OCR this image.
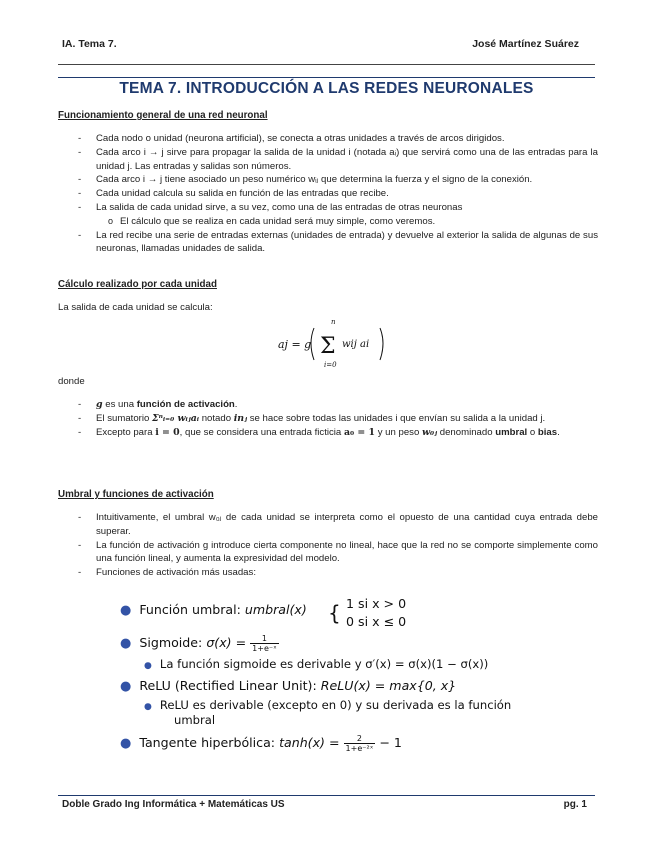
IA. Tema 7.	José Martínez Suárez
TEMA 7. INTRODUCCIÓN A LAS REDES NEURONALES
Funcionamiento general de una red neuronal
- Cada nodo o unidad (neurona artificial), se conecta a otras unidades a través de arcos dirigidos.
- Cada arco i → j sirve para propagar la salida de la unidad i (notada aᵢ) que servirá como una de las entradas para la unidad j. Las entradas y salidas son números.
- Cada arco i → j tiene asociado un peso numérico wᵢⱼ que determina la fuerza y el signo de la conexión.
- Cada unidad calcula su salida en función de las entradas que recibe.
- La salida de cada unidad sirve, a su vez, como una de las entradas de otras neuronas
o El cálculo que se realiza en cada unidad será muy simple, como veremos.
- La red recibe una serie de entradas externas (unidades de entrada) y devuelve al exterior la salida de algunas de sus neuronas, llamadas unidades de salida.
Cálculo realizado por cada unidad
La salida de cada unidad se calcula:
aj = g Σ
n
i=0
wij ai
donde
- g es una función de activación.
- El sumatorio Σⁿᵢ₌₀ wᵢⱼaᵢ notado inⱼ se hace sobre todas las unidades i que envían su salida a la unidad j.
- Excepto para i = 0, que se considera una entrada ficticia a₀ = 1 y un peso w₀ⱼ denominado umbral o bias.
Umbral y funciones de activación
- Intuitivamente, el umbral w₀ⱼ de cada unidad se interpreta como el opuesto de una cantidad cuya entrada debe superar.
- La función de activación g introduce cierta componente no lineal, hace que la red no se comporte simplemente como una función lineal, y aumenta la expresividad del modelo.
- Funciones de activación más usadas:
● Función umbral: umbral(x) { 1 si x > 0
0 si x ≤ 0
● Sigmoide: $\sigma(x) = \frac{1}{\text{1+e⁻ˣ}}$
● La función sigmoide es derivable y σ′(x) = σ(x)(1 − σ(x))
● ReLU (Rectified Linear Unit): ReLU(x) = max{0, x}
● ReLU es derivable (excepto en 0) y su derivada es la función
umbral
● Tangente hiperbólica: $\tanh(x) = \frac{2}{\text{1+e⁻²ˣ}} - 1$
Doble Grado Ing Informática + Matemáticas US	pg. 1
